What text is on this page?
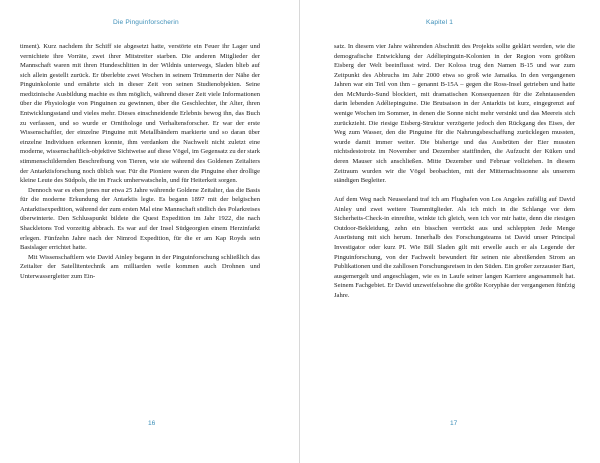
Die Pinguinforscherin

timent). Kurz nachdem ihr Schiff sie abgesetzt hatte, verstörte ein Feuer ihr Lager und vernichtete ihre Vorräte, zwei ihrer Mitstreiter starben. Die anderen Mitglieder der Mannschaft waren mit ihren Hundeschlitten in der Wildnis unterwegs, Sladen blieb auf sich allein gestellt zurück. Er überlebte zwei Wochen in seinem Trümmerin der Nähe der Pinguinkolonie und ernährte sich in dieser Zeit von seinen Studienobjekten. Seine medizinische Ausbildung machte es ihm möglich, während dieser Zeit viele Informationen über die Physiologie von Pinguinen zu gewinnen, über die Geschlechter, ihr Alter, ihren Entwicklungsstand und vieles mehr. Dieses einschneidende Erlebnis bewog ihn, das Buch zu verfassen, und so wurde er Ornithologe und Verhaltensforscher. Er war der erste Wissenschaftler, der einzelne Pinguine mit Metallbändern markierte und so daran über einzelne Individuen erkennen konnte, ihm verdanken die Nachwelt nicht zuletzt eine moderne, wissenschaftlich-objektive Sichtweise auf diese Vögel, im Gegensatz zu der stark stimmenschildernden Beschreibung von Tieren, wie sie während des Goldenen Zeitalters der Antarktisforschung noch üblich war. Für die Pioniere waren die Pinguine eher drollige kleine Leute des Südpols, die im Frack umherwatscheln, und für Heiterkeit sorgen.

Dennoch war es eben jenes nur etwa 25 Jahre währende Goldene Zeitalter, das die Basis für die moderne Erkundung der Antarktis legte. Es begann 1897 mit der belgischen Antarktisexpedition, während der zum ersten Mal eine Mannschaft südlich des Polarkreises überwinterte. Den Schlusspunkt bildete die Quest Expedition im Jahr 1922, die nach Shackletons Tod vorzeitig abbrach. Es war auf der Insel Südgeorgien einem Herzinfarkt erlegen. Fünfzehn Jahre nach der Nimrod Expedition, für die er am Kap Royds sein Basislager errichtet hatte.

Mit Wissenschaftlern wie David Ainley begann in der Pinguinforschung schließlich das Zeitalter der Satellitentechnik am milliarden weile kommen auch Drohnen und Unterwassergleiter zum Ein-

16
Kapitel 1

satz. In diesem vier Jahre währenden Abschnitt des Projekts sollte geklärt werden, wie die demografische Entwicklung der Adéliepinguin-Kolonien in der Region vom größten Eisberg der Welt beeinflusst wird. Der Koloss trug den Namen B-15 und war zum Zeitpunkt des Abbruchs im Jahr 2000 etwa so groß wie Jamaika. In den vergangenen Jahren war ein Teil von ihm – genannt B-15A – gegen die Ross-Insel getrieben und hatte den McMurdo-Sund blockiert, mit dramatischen Konsequenzen für die Zehntausenden darin lebenden Adéliepinguine. Die Brutsaison in der Antarktis ist kurz, eingegrenzt auf wenige Wochen im Sommer, in denen die Sonne nicht mehr versinkt und das Meereis sich zurückzieht. Die riesige Eisberg-Struktur verzögerte jedoch den Rückgang des Eises, der Weg zum Wasser, den die Pinguine für die Nahrungsbeschaffung zurücklegen mussten, wurde damit immer weiter. Die bisherige und das Ausbrüten der Eier mussten nichtsdestotrotz im November und Dezember stattfinden, die Aufzucht der Küken und deren Mauser sich anschließen. Mitte Dezember und Februar vollziehen. In diesem Zeitraum wurden wir die Vögel beobachten, mit der Mitternachtssonne als unserem ständigen Begleiter.

Auf dem Weg nach Neuseeland traf ich am Flughafen von Los Angeles zufällig auf David Ainley und zwei weitere Teammitglieder. Als ich mich in die Schlange vor dem Sicherheits-Check-in einreihte, winkte ich gleich, wen ich vor mir hatte, denn die riesigen Outdoor-Bekleidung, zehn ein bisschen verrückt aus und schleppten Jede Menge Ausrüstung mit sich herum. Innerhalb des Forschungsteams ist David unser Principal Investigator oder kurz PI. Wie Bill Sladen gilt mit erwelle auch er als Legende der Pinguinforschung, von der Fachwelt bewundert für seinen nie abreißenden Strom an Publikationen und die zahllosen Forschungsreisen in den Süden. Ein großer zerzauster Bart, ausgemergelt und angeschlagen, wie es in Laufe seiner langen Karriere angesammelt hat. Seinem Fachgebiet. Er David unzweifelsohne die größte Koryphäe der vergangenen fünfzig Jahre.

17
